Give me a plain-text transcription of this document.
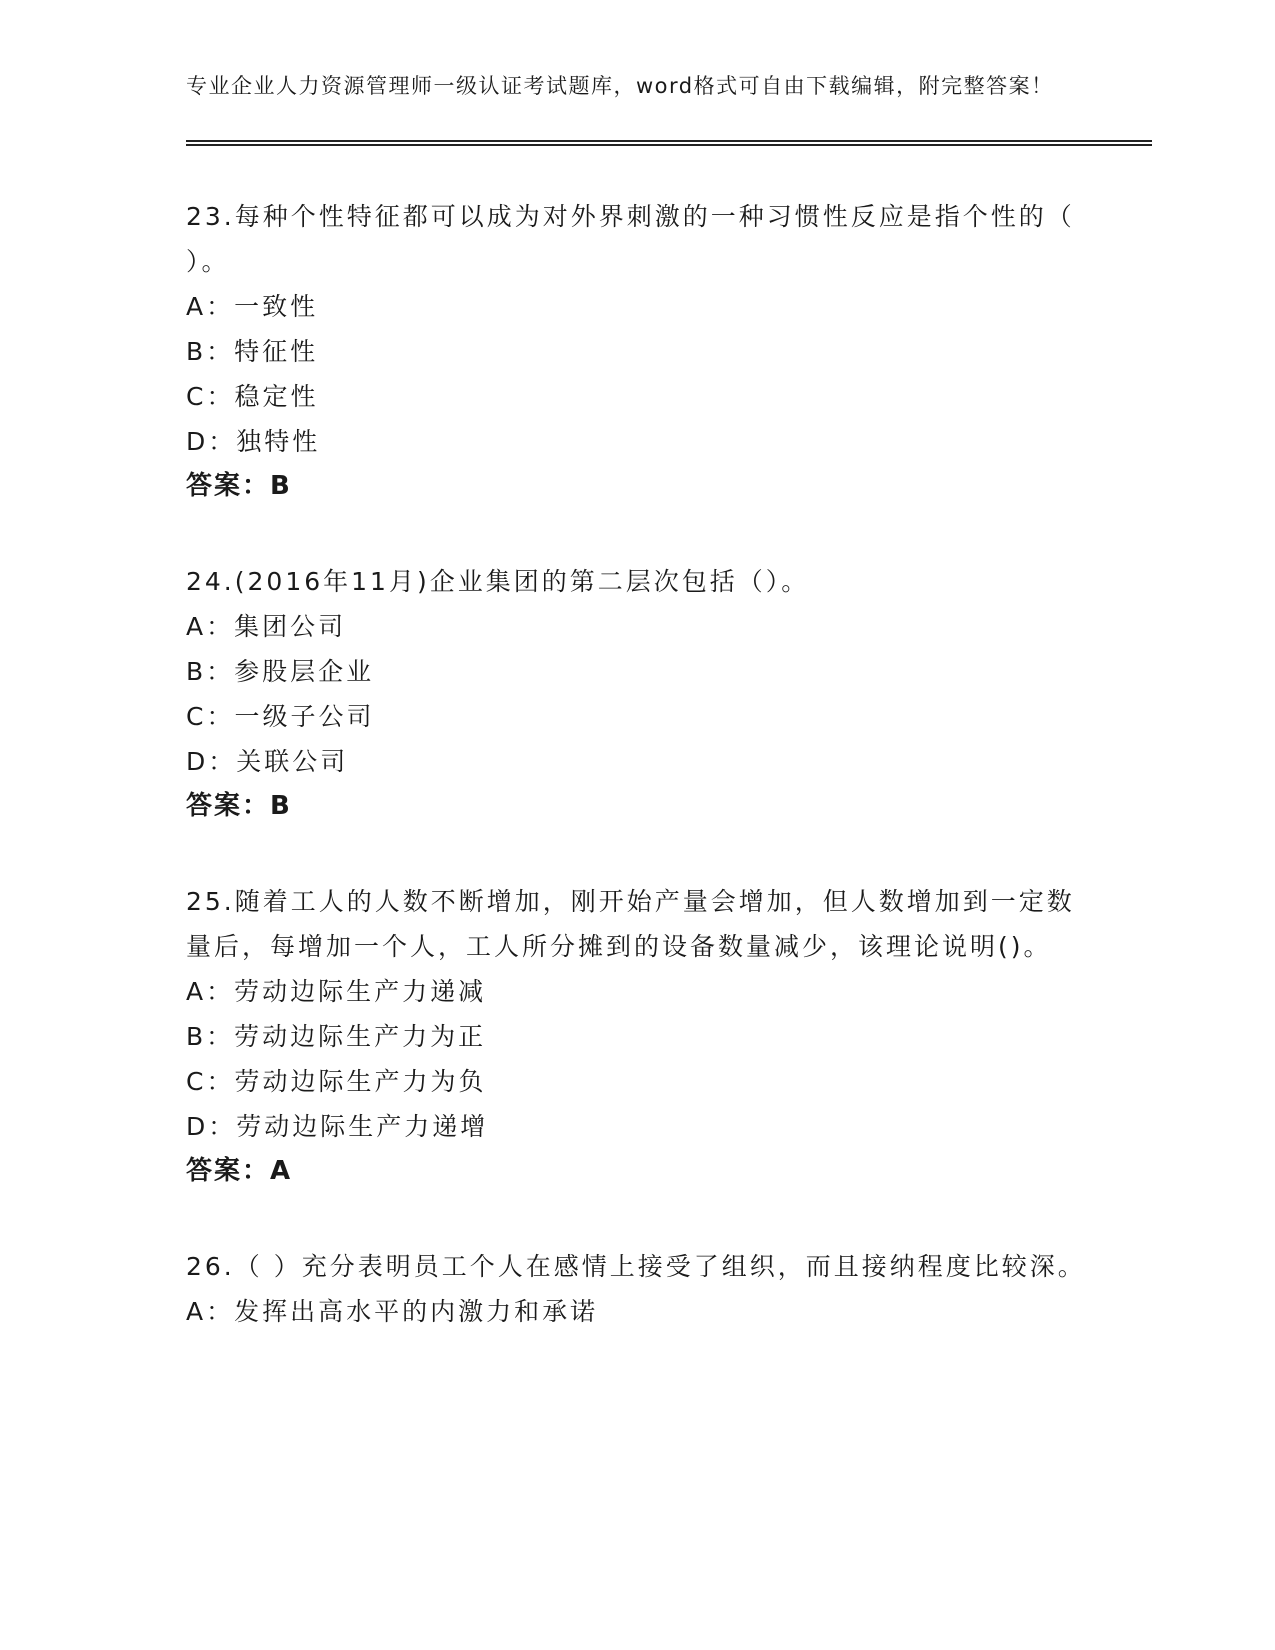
专业企业人力资源管理师一级认证考试题库，word格式可自由下载编辑，附完整答案！

23.每种个性特征都可以成为对外界刺激的一种习惯性反应是指个性的（ ）。

A：一致性
B：特征性
C：稳定性
D：独特性

答案：B

24.(2016年11月)企业集团的第二层次包括（）。

A：集团公司
B：参股层企业
C：一级子公司
D：关联公司

答案：B

25.随着工人的人数不断增加，刚开始产量会增加，但人数增加到一定数量后，每增加一个人，工人所分摊到的设备数量减少，该理论说明()。

A：劳动边际生产力递减
B：劳动边际生产力为正
C：劳动边际生产力为负
D：劳动边际生产力递增

答案：A

26.（ ）充分表明员工个人在感情上接受了组织，而且接纳程度比较深。

A：发挥出高水平的内激力和承诺
